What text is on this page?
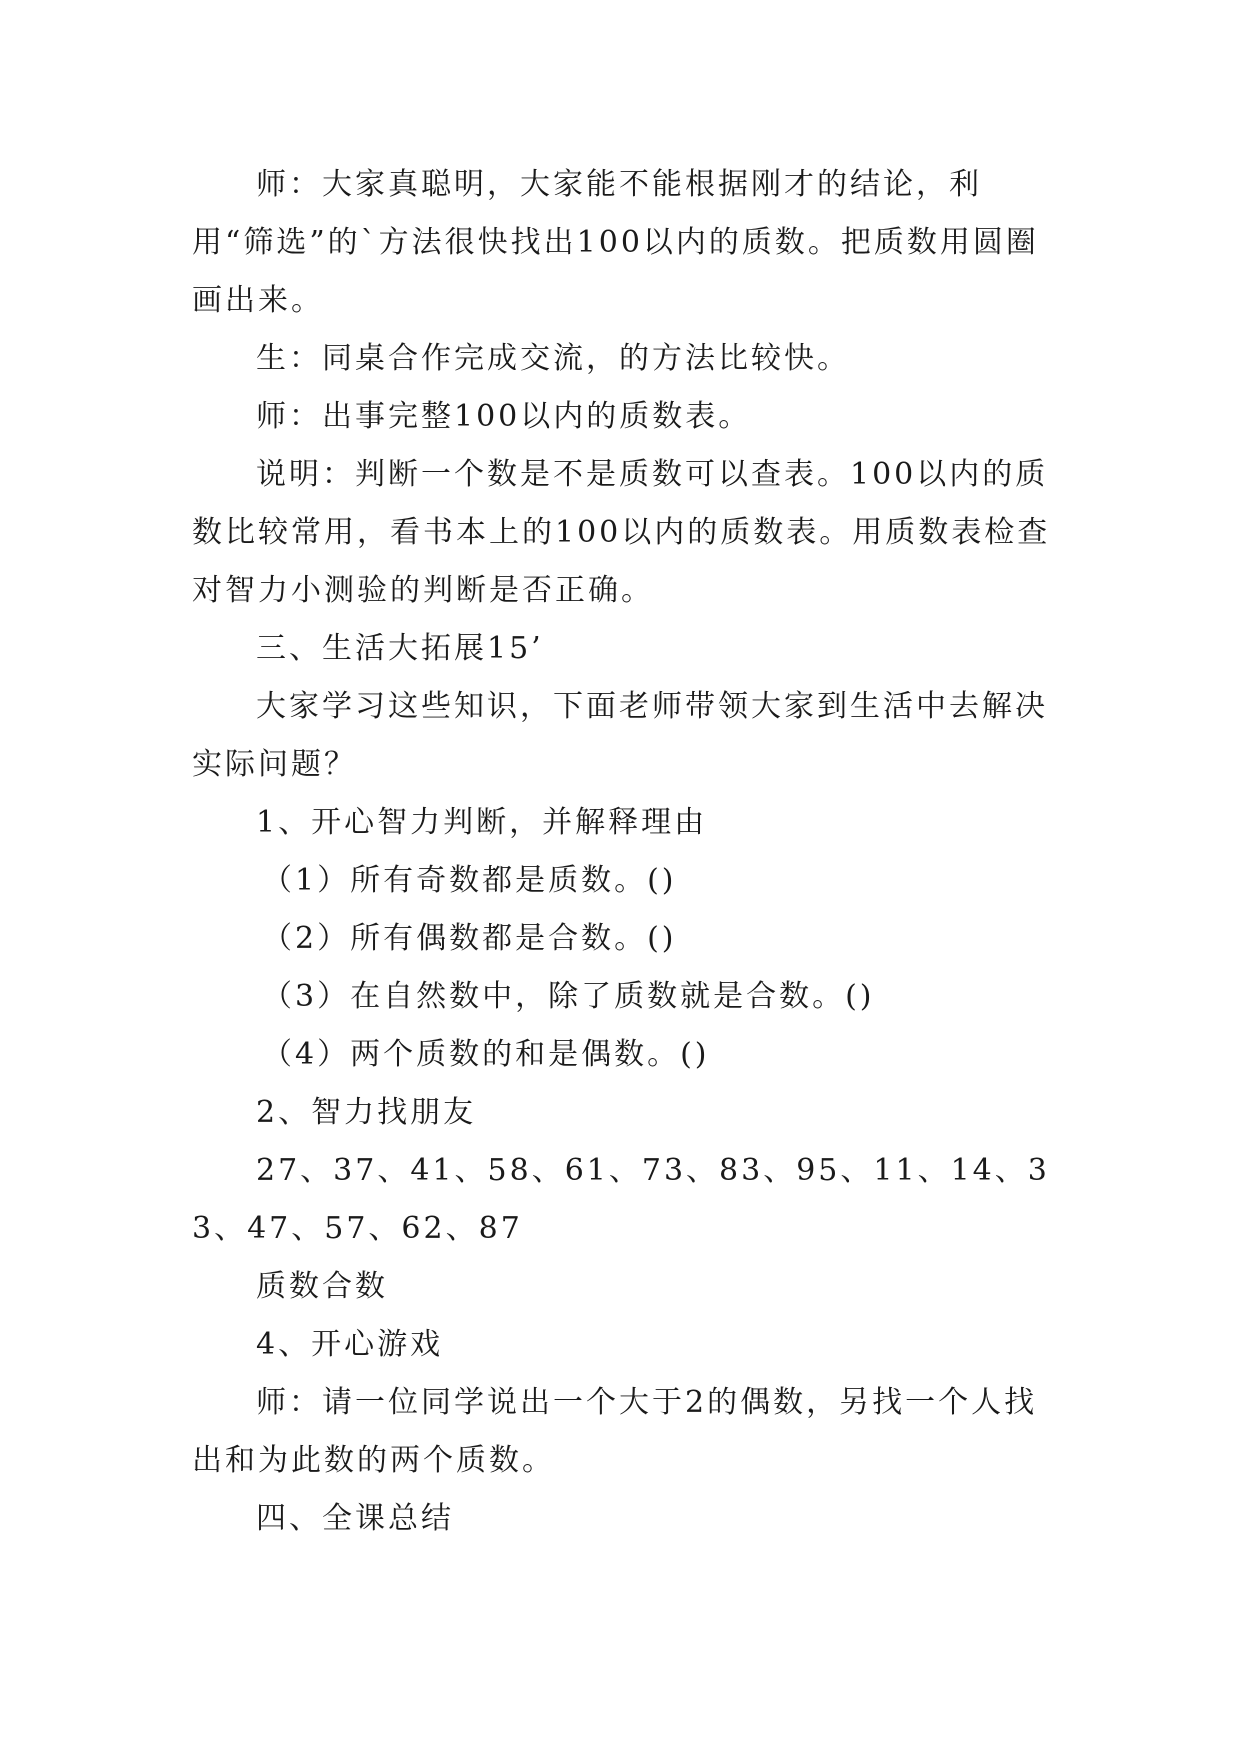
师：大家真聪明，大家能不能根据刚才的结论，利用“筛选”的`方法很快找出100以内的质数。把质数用圆圈画出来。

生：同桌合作完成交流，的方法比较快。

师：出事完整100以内的质数表。

说明：判断一个数是不是质数可以查表。100以内的质数比较常用，看书本上的100以内的质数表。用质数表检查对智力小测验的判断是否正确。

三、生活大拓展15’

大家学习这些知识，下面老师带领大家到生活中去解决实际问题？

1、开心智力判断，并解释理由

（1）所有奇数都是质数。()

（2）所有偶数都是合数。()

（3）在自然数中，除了质数就是合数。()

（4）两个质数的和是偶数。()

2、智力找朋友

27、37、41、58、61、73、83、95、11、14、33、47、57、62、87

质数合数

4、开心游戏

师：请一位同学说出一个大于2的偶数，另找一个人找出和为此数的两个质数。

四、全课总结
